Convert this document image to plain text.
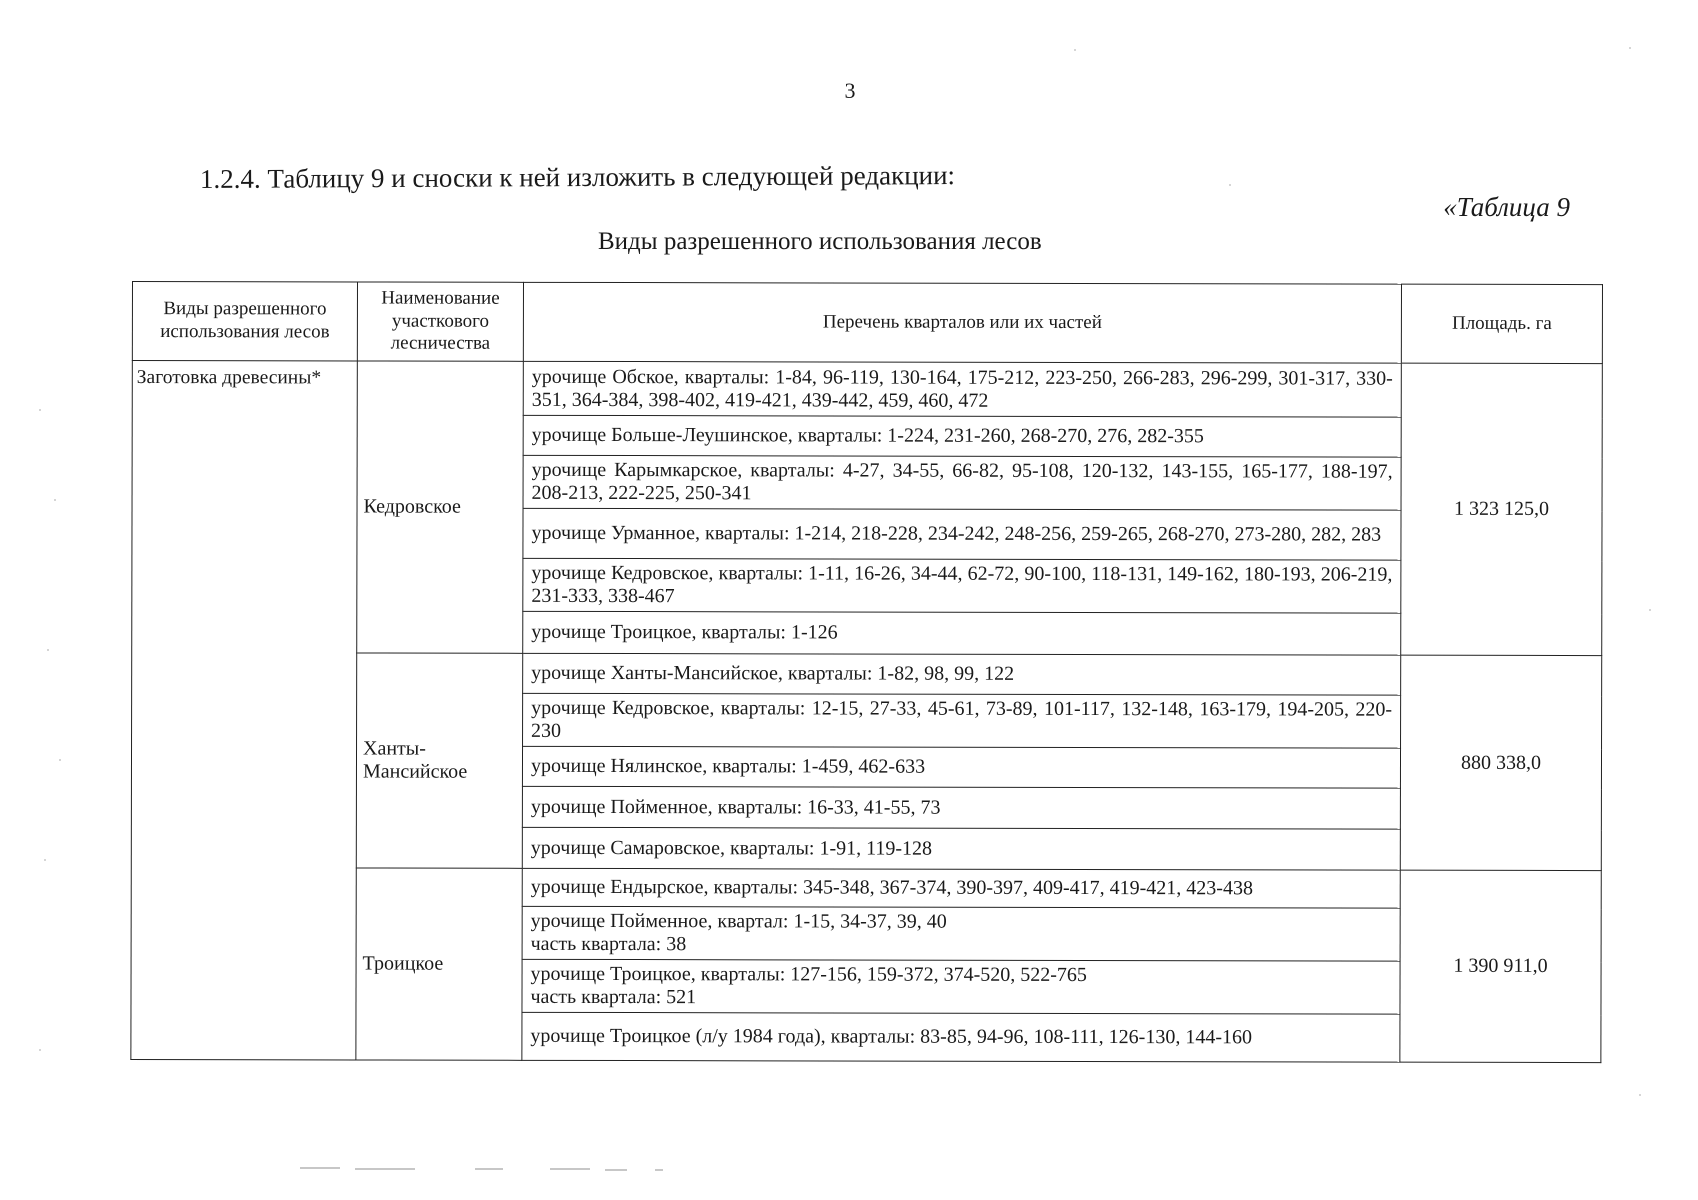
3
1.2.4. Таблицу 9 и сноски к ней изложить в следующей редакции:
«Таблица 9
Виды разрешенного использования лесов
Виды разрешенного использования лесов	Наименование участкового лесничества	Перечень кварталов или их частей	Площадь. га
Заготовка древесины*	Кедровское	урочище Обское, кварталы: 1-84, 96-119, 130-164, 175-212, 223-250, 266-283, 296-299, 301-317, 330-351, 364-384, 398-402, 419-421, 439-442, 459, 460, 472	1 323 125,0
		урочище Больше-Леушинское, кварталы: 1-224, 231-260, 268-270, 276, 282-355	
		урочище Карымкарское, кварталы: 4-27, 34-55, 66-82, 95-108, 120-132, 143-155, 165-177, 188-197, 208-213, 222-225, 250-341	
		урочище Урманное, кварталы: 1-214, 218-228, 234-242, 248-256, 259-265, 268-270, 273-280, 282, 283	
		урочище Кедровское, кварталы: 1-11, 16-26, 34-44, 62-72, 90-100, 118-131, 149-162, 180-193, 206-219, 231-333, 338-467	
		урочище Троицкое, кварталы: 1-126	
	Ханты-Мансийское	урочище Ханты-Мансийское, кварталы: 1-82, 98, 99, 122	880 338,0
		урочище Кедровское, кварталы: 12-15, 27-33, 45-61, 73-89, 101-117, 132-148, 163-179, 194-205, 220-230	
		урочище Нялинское, кварталы: 1-459, 462-633	
		урочище Пойменное, кварталы: 16-33, 41-55, 73	
		урочище Самаровское, кварталы: 1-91, 119-128	
	Троицкое	урочище Ендырское, кварталы: 345-348, 367-374, 390-397, 409-417, 419-421, 423-438	1 390 911,0

		урочище Пойменное, квартал: 1-15, 34-37, 39, 40
часть квартала: 38	

		урочище Троицкое, кварталы: 127-156, 159-372, 374-520, 522-765
часть квартала: 521	

		урочище Троицкое (л/у 1984 года), кварталы: 83-85, 94-96, 108-111, 126-130, 144-160	
